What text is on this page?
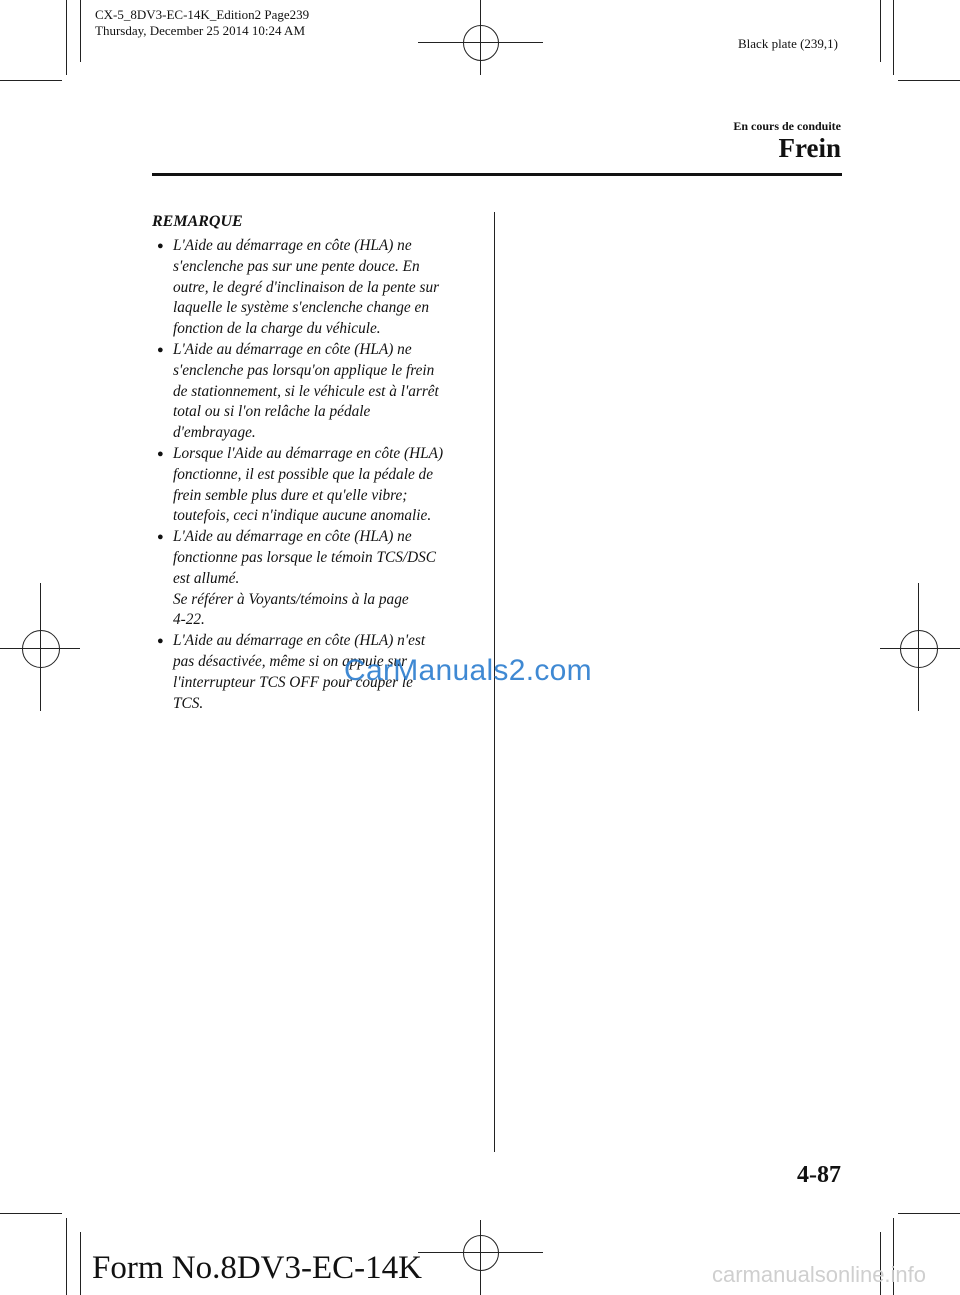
CX-5_8DV3-EC-14K_Edition2 Page239
Thursday, December 25 2014 10:24 AM
Black plate (239,1)
En cours de conduite
Frein
REMARQUE
● L'Aide au démarrage en côte (HLA) ne
s'enclenche pas sur une pente douce. En
outre, le degré d'inclinaison de la pente sur
laquelle le système s'enclenche change en
fonction de la charge du véhicule.
● L'Aide au démarrage en côte (HLA) ne
s'enclenche pas lorsqu'on applique le frein
de stationnement, si le véhicule est à l'arrêt
total ou si l'on relâche la pédale
d'embrayage.
● Lorsque l'Aide au démarrage en côte (HLA)
fonctionne, il est possible que la pédale de
frein semble plus dure et qu'elle vibre;
toutefois, ceci n'indique aucune anomalie.
● L'Aide au démarrage en côte (HLA) ne
fonctionne pas lorsque le témoin TCS/DSC
est allumé.
Se référer à Voyants/témoins à la page
4-22.
● L'Aide au démarrage en côte (HLA) n'est
pas désactivée, même si on appuie sur
l'interrupteur TCS OFF pour couper le
TCS.
CarManuals2.com
4-87
Form No.8DV3-EC-14K	carmanualsonline.info
